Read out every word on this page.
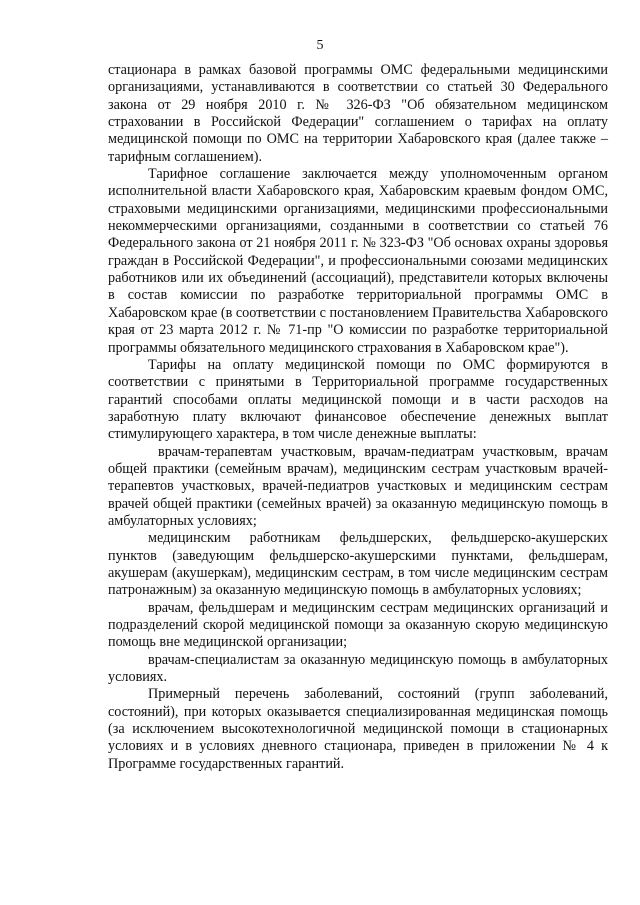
5

стационара в рамках базовой программы ОМС федеральными медицинскими организациями, устанавливаются в соответствии со статьей 30 Федерального закона от 29 ноября 2010 г. № 326-ФЗ "Об обязательном медицинском страховании в Российской Федерации" соглашением о тарифах на оплату медицинской помощи по ОМС на территории Хабаровского края (далее также – тарифным соглашением).

Тарифное соглашение заключается между уполномоченным органом исполнительной власти Хабаровского края, Хабаровским краевым фондом ОМС, страховыми медицинскими организациями, медицинскими профессиональными некоммерческими организациями, созданными в соответствии со статьей 76 Федерального закона от 21 ноября 2011 г. № 323-ФЗ "Об основах охраны здоровья граждан в Российской Федерации", и профессиональными союзами медицинских работников или их объединений (ассоциаций), представители которых включены в состав комиссии по разработке территориальной программы ОМС в Хабаровском крае (в соответствии с постановлением Правительства Хабаровского края от 23 марта 2012 г. № 71-пр "О комиссии по разработке территориальной программы обязательного медицинского страхования в Хабаровском крае").

Тарифы на оплату медицинской помощи по ОМС формируются в соответствии с принятыми в Территориальной программе государственных гарантий способами оплаты медицинской помощи и в части расходов на заработную плату включают финансовое обеспечение денежных выплат стимулирующего характера, в том числе денежные выплаты:

врачам-терапевтам участковым, врачам-педиатрам участковым, врачам общей практики (семейным врачам), медицинским сестрам участковым врачей-терапевтов участковых, врачей-педиатров участковых и медицинским сестрам врачей общей практики (семейных врачей) за оказанную медицинскую помощь в амбулаторных условиях;

медицинским работникам фельдшерских, фельдшерско-акушерских пунктов (заведующим фельдшерско-акушерскими пунктами, фельдшерам, акушерам (акушеркам), медицинским сестрам, в том числе медицинским сестрам патронажным) за оказанную медицинскую помощь в амбулаторных условиях;

врачам, фельдшерам и медицинским сестрам медицинских организаций и подразделений скорой медицинской помощи за оказанную скорую медицинскую помощь вне медицинской организации;

врачам-специалистам за оказанную медицинскую помощь в амбулаторных условиях.

Примерный перечень заболеваний, состояний (групп заболеваний, состояний), при которых оказывается специализированная медицинская помощь (за исключением высокотехнологичной медицинской помощи в стационарных условиях и в условиях дневного стационара, приведен в приложении № 4 к Программе государственных гарантий.
